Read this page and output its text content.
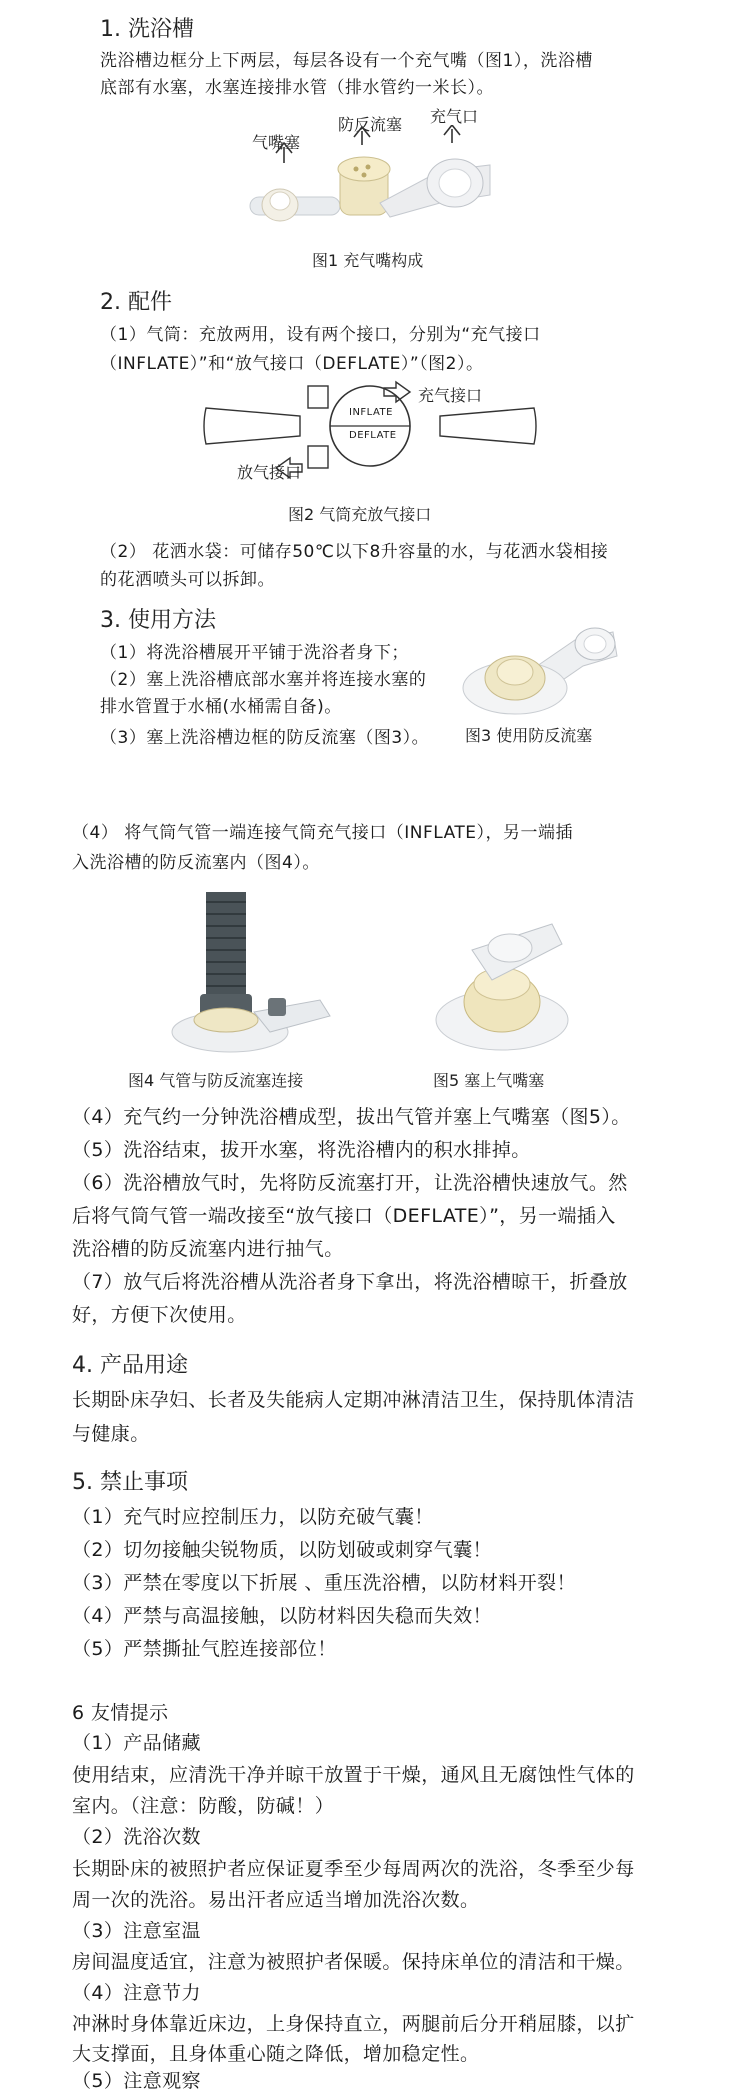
1. 洗浴槽
洗浴槽边框分上下两层，每层各设有一个充气嘴（图1），洗浴槽
底部有水塞，水塞连接排水管（排水管约一米长）。
气嘴塞
防反流塞 充气口
图1 充气嘴构成
2. 配件
（1）气筒：充放两用，设有两个接口，分别为“充气接口
（INFLATE）”和“放气接口（DEFLATE）”（图2）。
INFLATE
DEFLATE
充气接口
放气接口
图2 气筒充放气接口
（2） 花洒水袋：可储存50℃以下8升容量的水，与花洒水袋相接
的花洒喷头可以拆卸。
3. 使用方法
（1）将洗浴槽展开平铺于洗浴者身下；
（2）塞上洗浴槽底部水塞并将连接水塞的
排水管置于水桶(水桶需自备)。
（3）塞上洗浴槽边框的防反流塞（图3）。 图3 使用防反流塞
（4） 将气筒气管一端连接气筒充气接口（INFLATE），另一端插
入洗浴槽的防反流塞内（图4）。
图4 气管与防反流塞连接	图5 塞上气嘴塞
（4）充气约一分钟洗浴槽成型，拔出气管并塞上气嘴塞（图5）。
（5）洗浴结束，拔开水塞，将洗浴槽内的积水排掉。
（6）洗浴槽放气时，先将防反流塞打开，让洗浴槽快速放气。然
后将气筒气管一端改接至“放气接口（DEFLATE）”，另一端插入
洗浴槽的防反流塞内进行抽气。
（7）放气后将洗浴槽从洗浴者身下拿出，将洗浴槽晾干，折叠放
好，方便下次使用。
4. 产品用途
长期卧床孕妇、长者及失能病人定期冲淋清洁卫生，保持肌体清洁
与健康。
5. 禁止事项
（1）充气时应控制压力，以防充破气囊！
（2）切勿接触尖锐物质，以防划破或刺穿气囊！
（3）严禁在零度以下折展 、重压洗浴槽，以防材料开裂！
（4）严禁与高温接触，以防材料因失稳而失效！
（5）严禁撕扯气腔连接部位！
6 友情提示
（1）产品储藏
使用结束，应清洗干净并晾干放置于干燥，通风且无腐蚀性气体的
室内。（注意：防酸，防碱！）
（2）洗浴次数
长期卧床的被照护者应保证夏季至少每周两次的洗浴，冬季至少每
周一次的洗浴。易出汗者应适当增加洗浴次数。
（3）注意室温
房间温度适宜，注意为被照护者保暖。保持床单位的清洁和干燥。
（4）注意节力
冲淋时身体靠近床边，上身保持直立，两腿前后分开稍屈膝，以扩
大支撑面，且身体重心随之降低，增加稳定性。
（5）注意观察
